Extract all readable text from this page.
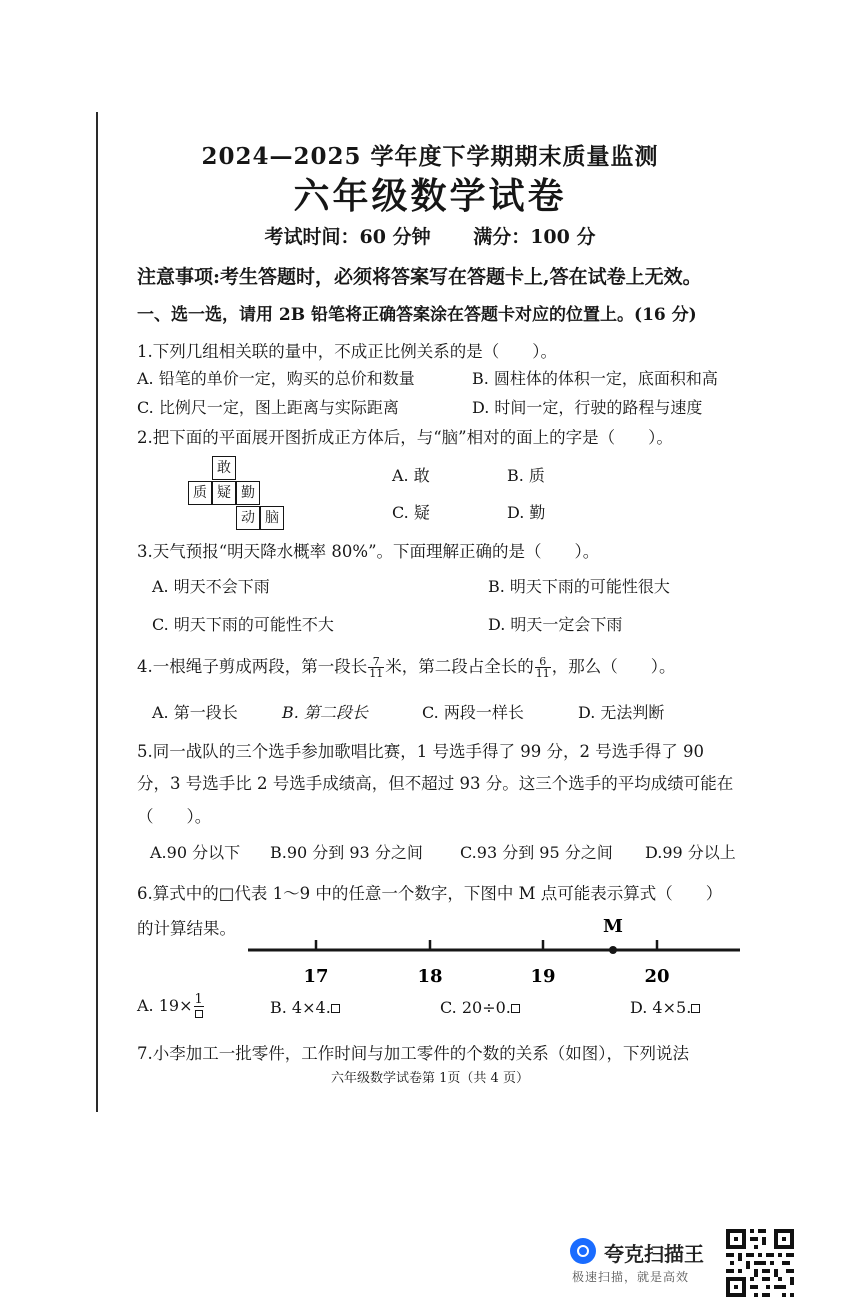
2024—2025 学年度下学期期末质量监测
六年级数学试卷
考试时间：60 分钟 满分：100 分
注意事项:考生答题时，必须将答案写在答题卡上,答在试卷上无效。
一、选一选，请用 2B 铅笔将正确答案涂在答题卡对应的位置上。(16 分)
1.下列几组相关联的量中，不成正比例关系的是（　　）。
A. 铅笔的单价一定，购买的总价和数量	B. 圆柱体的体积一定，底面积和高
C. 比例尺一定，图上距离与实际距离	D. 时间一定，行驶的路程与速度
2.把下面的平面展开图折成正方体后，与“脑”相对的面上的字是（　　）。
敢
质 疑 勤
动 脑
A. 敢	B. 质
C. 疑	D. 勤
3.天气预报“明天降水概率 80%”。下面理解正确的是（　　）。
A. 明天不会下雨	B. 明天下雨的可能性很大
C. 明天下雨的可能性不大	D. 明天一定会下雨
4.一根绳子剪成两段，第一段长 $\frac{7}{11}$ 米，第二段占全长的 $\frac{6}{11}$ ，那么（　　）。
A. 第一段长	B. 第二段长	C. 两段一样长	D. 无法判断
5.同一战队的三个选手参加歌唱比赛，1 号选手得了 99 分，2 号选手得了 90
分，3 号选手比 2 号选手成绩高，但不超过 93 分。这三个选手的平均成绩可能在
（　　）。
A.90 分以下 B.90 分到 93 分之间 C.93 分到 95 分之间 D.99 分以上
6.算式中的□代表 1～9 中的任意一个数字，下图中 M 点可能表示算式（　　）
的计算结果。	M
17	18	19	20
A. 19× 1	B. 4×4.	C. 20÷0.	D. 4×5.
7.小李加工一批零件，工作时间与加工零件的个数的关系（如图），下列说法
六年级数学试卷第 1页（共 4 页）
夸克扫描王
极速扫描，就是高效
